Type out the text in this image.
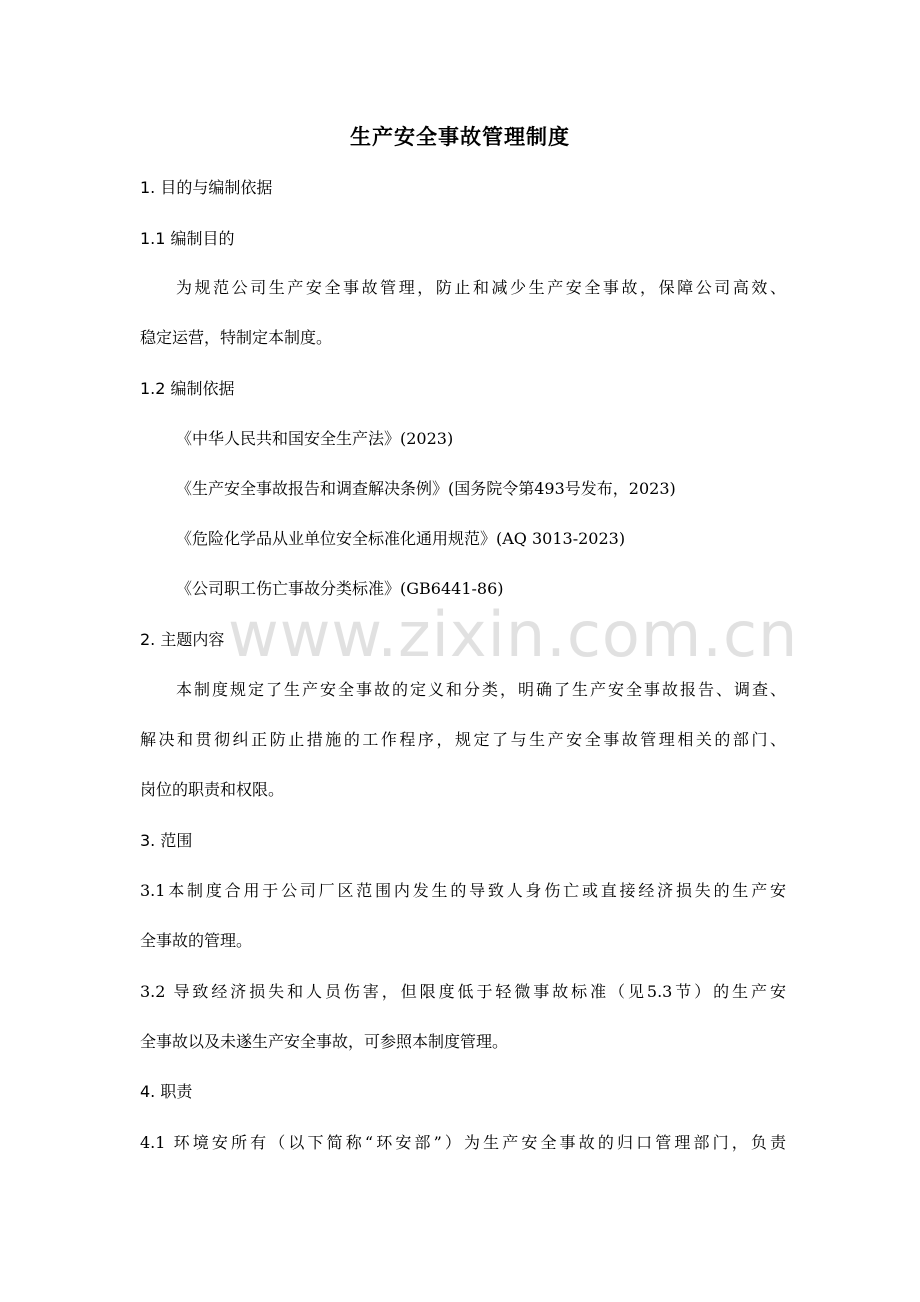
生产安全事故管理制度
1. 目的与编制依据
1.1 编制目的
为规范公司生产安全事故管理，防止和减少生产安全事故，保障公司高效、
稳定运营，特制定本制度。
1.2 编制依据
《中华人民共和国安全生产法》(2023)
《生产安全事故报告和调查解决条例》(国务院令第493号发布，2023)
《危险化学品从业单位安全标准化通用规范》(AQ 3013-2023)
《公司职工伤亡事故分类标准》(GB6441-86)
2. 主题内容
本制度规定了生产安全事故的定义和分类，明确了生产安全事故报告、调查、
解决和贯彻纠正防止措施的工作程序，规定了与生产安全事故管理相关的部门、
岗位的职责和权限。
3. 范围
3.1本制度合用于公司厂区范围内发生的导致人身伤亡或直接经济损失的生产安
全事故的管理。
3.2 导致经济损失和人员伤害，但限度低于轻微事故标准（见5.3节）的生产安
全事故以及未遂生产安全事故，可参照本制度管理。
4. 职责
4.1 环境安所有（以下简称“环安部”）为生产安全事故的归口管理部门，负责
www.zixin.com.cn
